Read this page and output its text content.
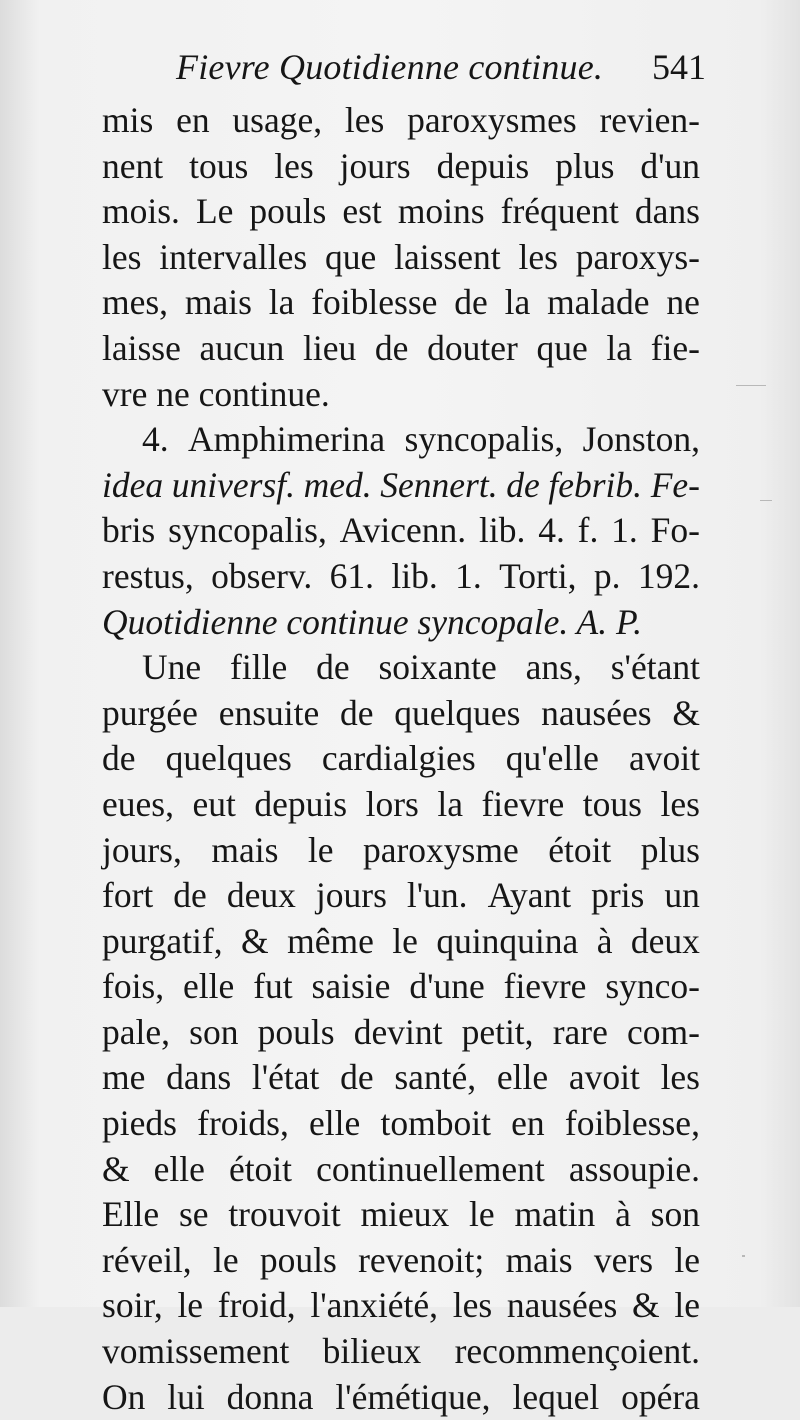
Fievre Quotidienne continue. 541
mis en usage, les paroxysmes revien-
nent tous les jours depuis plus d'un
mois. Le pouls est moins fréquent dans
les intervalles que laissent les paroxys-
mes, mais la foiblesse de la malade ne
laisse aucun lieu de douter que la fie-
vre ne continue.
4. Amphimerina syncopalis, Jonston,
idea universf. med. Sennert. de febrib. Fe-
bris syncopalis, Avicenn. lib. 4. f. 1. Fo-
restus, observ. 61. lib. 1. Torti, p. 192.
Quotidienne continue syncopale. A. P.
Une fille de soixante ans, s'étant
purgée ensuite de quelques nausées &
de quelques cardialgies qu'elle avoit
eues, eut depuis lors la fievre tous les
jours, mais le paroxysme étoit plus
fort de deux jours l'un. Ayant pris un
purgatif, & même le quinquina à deux
fois, elle fut saisie d'une fievre synco-
pale, son pouls devint petit, rare com-
me dans l'état de santé, elle avoit les
pieds froids, elle tomboit en foiblesse,
& elle étoit continuellement assoupie.
Elle se trouvoit mieux le matin à son
réveil, le pouls revenoit; mais vers le
soir, le froid, l'anxiété, les nausées & le
vomissement bilieux recommençoient.
On lui donna l'émétique, lequel opéra
